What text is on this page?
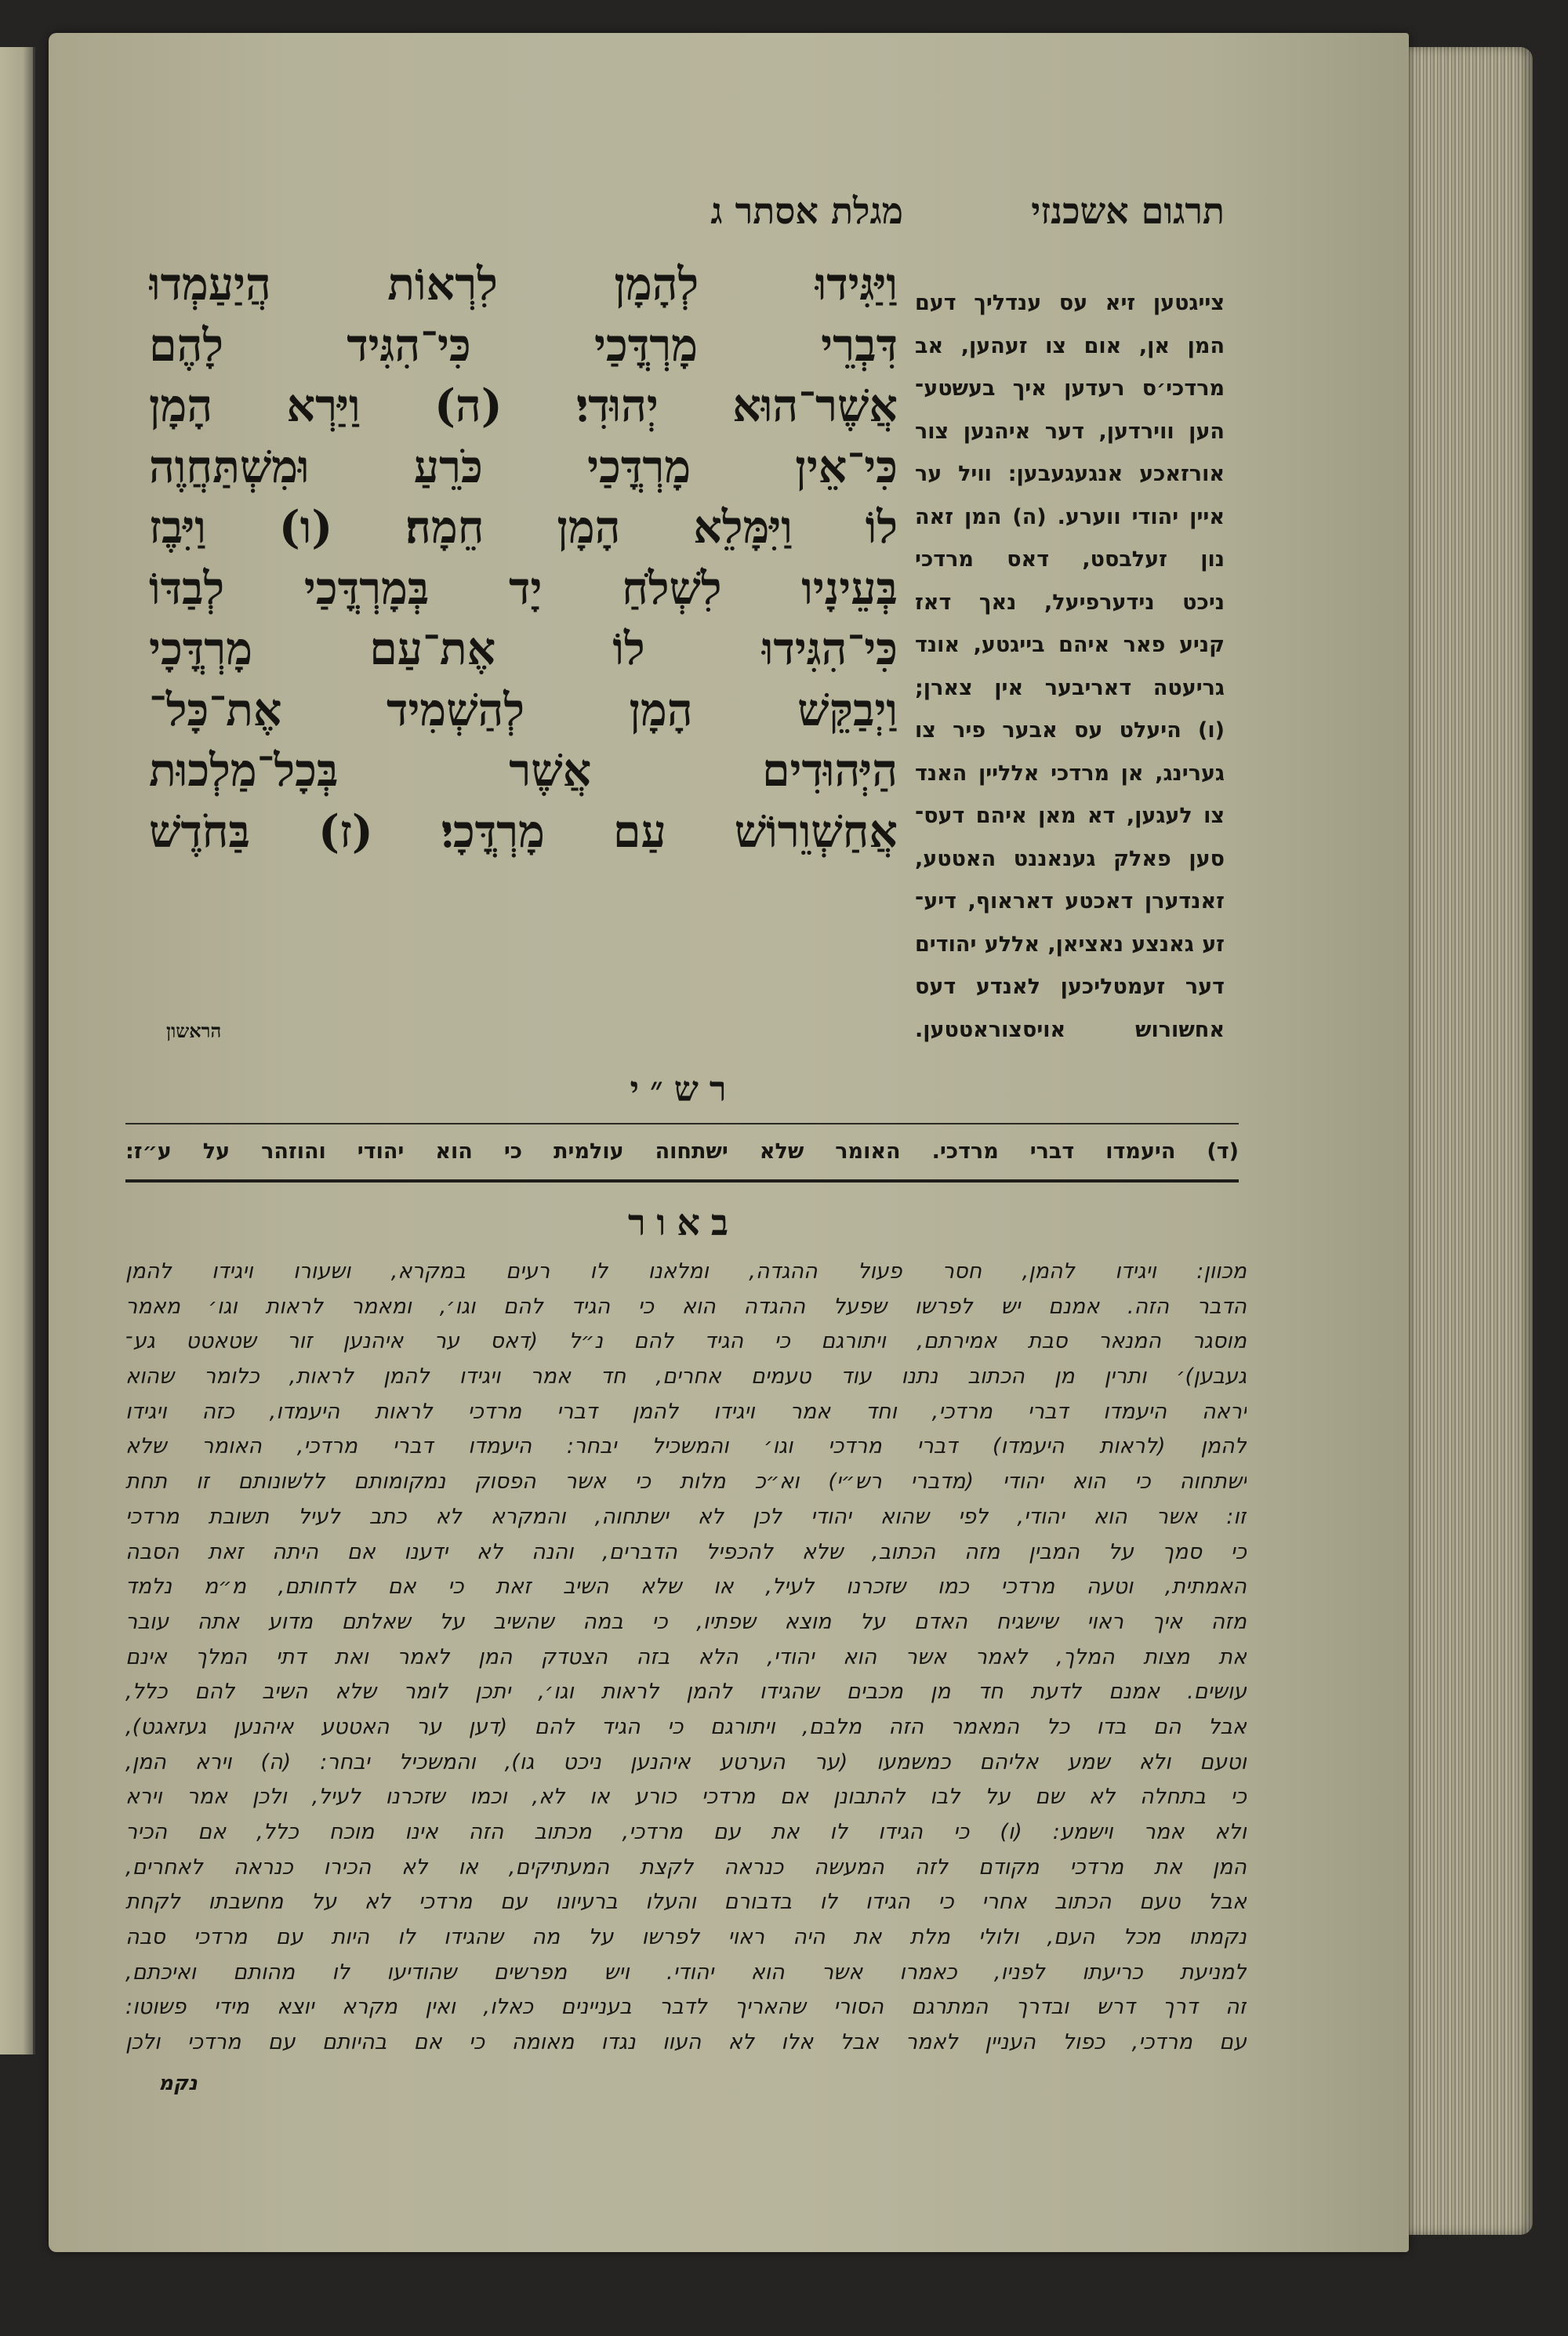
מגלת אסתר ג	תרגום אשכנזי
וַיַּגִּידוּ לְהָמָן לִרְאוֹת הֲיַעַמְדוּ
דִּבְרֵי מָרְדֳּכַי כִּי־הִגִּיד לָהֶם
אֲשֶׁר־הוּא יְהוּדִי׃ (ה) וַיַּרְא הָמָן
כִּי־אֵין מָרְדֳּכַי כֹּרֵעַ וּמִשְׁתַּחֲוֶה
לוֹ וַיִּמָּלֵא הָמָן חֵמָה׃ (ו) וַיִּבֶז
בְּעֵינָיו לִשְׁלֹחַ יָד בְּמָרְדֳּכַי לְבַדּוֹ
כִּי־הִגִּידוּ לוֹ אֶת־עַם מָרְדֳּכָי
וַיְבַקֵּשׁ הָמָן לְהַשְׁמִיד אֶת־כָּל־
הַיְּהוּדִים אֲשֶׁר בְּכָל־מַלְכוּת
אֲחַשְׁוֵרוֹשׁ עַם מָרְדֳּכָי׃ (ז) בַּחֹדֶשׁ
הראשון
צייגטען זיא עס ענדליך דעם
המן אן, אום צו זעהען, אב
מרדכי׳ס רעדען איך בעשטע־
הען ווירדען, דער איהנען צור
אורזאכע אנגעגעבען: וויל ער
איין יהודי ווערע. (ה) המן זאה
נון זעלבסט, דאס מרדכי
ניכט נידערפיעל, נאך דאז
קניע פאר איהם בייגטע, אונד
גריעטה דאריבער אין צארן;
(ו) היעלט עס אבער פיר צו
גערינג, אן מרדכי אלליין האנד
צו לעגען, דא מאן איהם דעס־
סען פאלק גענאננט האטטע,
זאנדערן דאכטע דאראוף, דיע־
זע גאנצע נאציאן, אללע יהודים
דער זעמטליכען לאנדע דעס
אחשורוש אויסצוראטטען.
רש״י
(ד) היעמדו דברי מרדכי. האומר שלא ישתחוה עולמית כי הוא יהודי והוזהר על ע״ז:
באור
מכוון: ויגידו להמן, חסר פעול ההגדה, ומלאנו לו רעים במקרא, ושעורו ויגידו להמן
הדבר הזה. אמנם יש לפרשו שפעל ההגדה הוא כי הגיד להם וגו׳, ומאמר לראות וגו׳ מאמר
מוסגר המנאר סבת אמירתם, ויתורגם כי הגיד להם נ״ל (דאס ער איהנען זור שטאטט גע־
געבען)׳ ותרין מן הכתוב נתנו עוד טעמים אחרים, חד אמר ויגידו להמן לראות, כלומר שהוא
יראה היעמדו דברי מרדכי, וחד אמר ויגידו להמן דברי מרדכי לראות היעמדו, כזה ויגידו
להמן (לראות היעמדו) דברי מרדכי וגו׳ והמשכיל יבחר: היעמדו דברי מרדכי, האומר שלא
ישתחוה כי הוא יהודי (מדברי רש״י) וא״כ מלות כי אשר הפסוק נמקומותם ללשונותם זו תחת
זו: אשר הוא יהודי, לפי שהוא יהודי לכן לא ישתחוה, והמקרא לא כתב לעיל תשובת מרדכי
כי סמך על המבין מזה הכתוב, שלא להכפיל הדברים, והנה לא ידענו אם היתה זאת הסבה
האמתית, וטעה מרדכי כמו שזכרנו לעיל, או שלא השיב זאת כי אם לדחותם, מ״מ נלמד
מזה איך ראוי שישגיח האדם על מוצא שפתיו, כי במה שהשיב על שאלתם מדוע אתה עובר
את מצות המלך, לאמר אשר הוא יהודי, הלא בזה הצטדק המן לאמר ואת דתי המלך אינם
עושים. אמנם לדעת חד מן מכבים שהגידו להמן לראות וגו׳, יתכן לומר שלא השיב להם כלל,
אבל הם בדו כל המאמר הזה מלבם, ויתורגם כי הגיד להם (דען ער האטטע איהנען געזאגט),
וטעם ולא שמע אליהם כמשמעו (ער הערטע איהנען ניכט גו), והמשכיל יבחר: (ה) וירא המן,
כי בתחלה לא שם על לבו להתבונן אם מרדכי כורע או לא, וכמו שזכרנו לעיל, ולכן אמר וירא
ולא אמר וישמע: (ו) כי הגידו לו את עם מרדכי, מכתוב הזה אינו מוכח כלל, אם הכיר
המן את מרדכי מקודם לזה המעשה כנראה לקצת המעתיקים, או לא הכירו כנראה לאחרים,
אבל טעם הכתוב אחרי כי הגידו לו בדבורם והעלו ברעיונו עם מרדכי לא על מחשבתו לקחת
נקמתו מכל העם, ולולי מלת את היה ראוי לפרשו על מה שהגידו לו היות עם מרדכי סבה
למניעת כריעתו לפניו, כאמרו אשר הוא יהודי. ויש מפרשים שהודיעו לו מהותם ואיכתם,
זה דרך דרש ובדרך המתרגם הסורי שהאריך לדבר בעניינים כאלו, ואין מקרא יוצא מידי פשוטו:
עם מרדכי, כפול העניין לאמר אבל אלו לא העוו נגדו מאומה כי אם בהיותם עם מרדכי ולכן
נקמ
